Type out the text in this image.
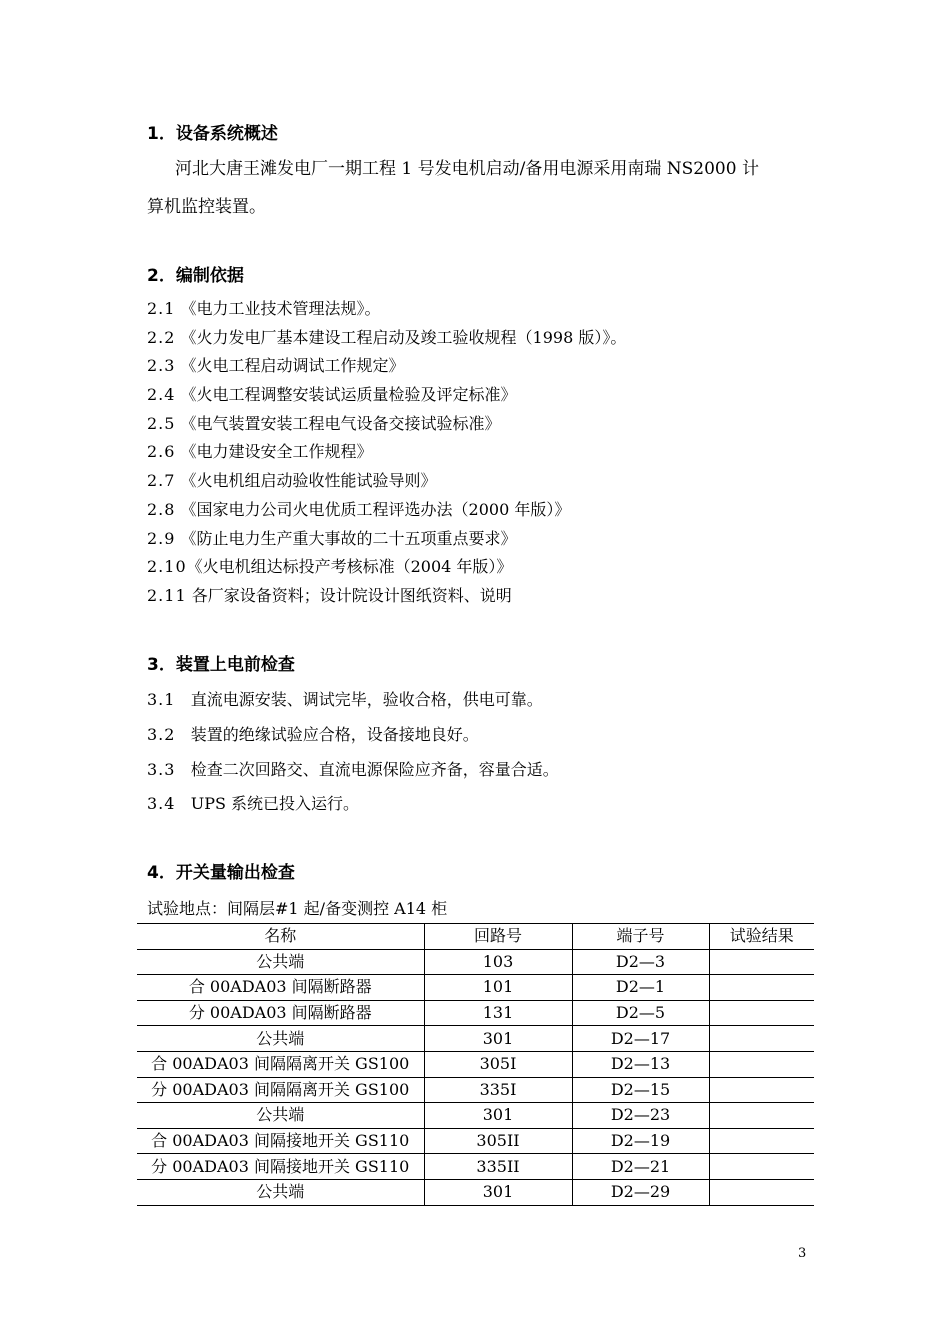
1．设备系统概述
河北大唐王滩发电厂一期工程 1 号发电机启动/备用电源采用南瑞 NS2000 计
算机监控装置。
2．编制依据
2.1 《电力工业技术管理法规》。
2.2 《火力发电厂基本建设工程启动及竣工验收规程（1998 版）》。
2.3 《火电工程启动调试工作规定》
2.4 《火电工程调整安装试运质量检验及评定标准》
2.5 《电气装置安装工程电气设备交接试验标准》
2.6 《电力建设安全工作规程》
2.7 《火电机组启动验收性能试验导则》
2.8 《国家电力公司火电优质工程评选办法（2000 年版）》
2.9 《防止电力生产重大事故的二十五项重点要求》
2.10《火电机组达标投产考核标准（2004 年版）》
2.11 各厂家设备资料；设计院设计图纸资料、说明
3．装置上电前检查
3.1 直流电源安装、调试完毕，验收合格，供电可靠。
3.2 装置的绝缘试验应合格，设备接地良好。
3.3 检查二次回路交、直流电源保险应齐备，容量合适。
3.4 UPS 系统已投入运行。
4．开关量输出检查
试验地点：间隔层#1 起/备变测控 A14 柜
名称	回路号	端子号	试验结果
公共端	103	D2—3	
合 00ADA03 间隔断路器	101	D2—1	
分 00ADA03 间隔断路器	131	D2—5	
公共端	301	D2—17	
合 00ADA03 间隔隔离开关 GS100	305I	D2—13	
分 00ADA03 间隔隔离开关 GS100	335I	D2—15	
公共端	301	D2—23	
合 00ADA03 间隔接地开关 GS110	305II	D2—19	
分 00ADA03 间隔接地开关 GS110	335II	D2—21	
公共端	301	D2—29	
3
